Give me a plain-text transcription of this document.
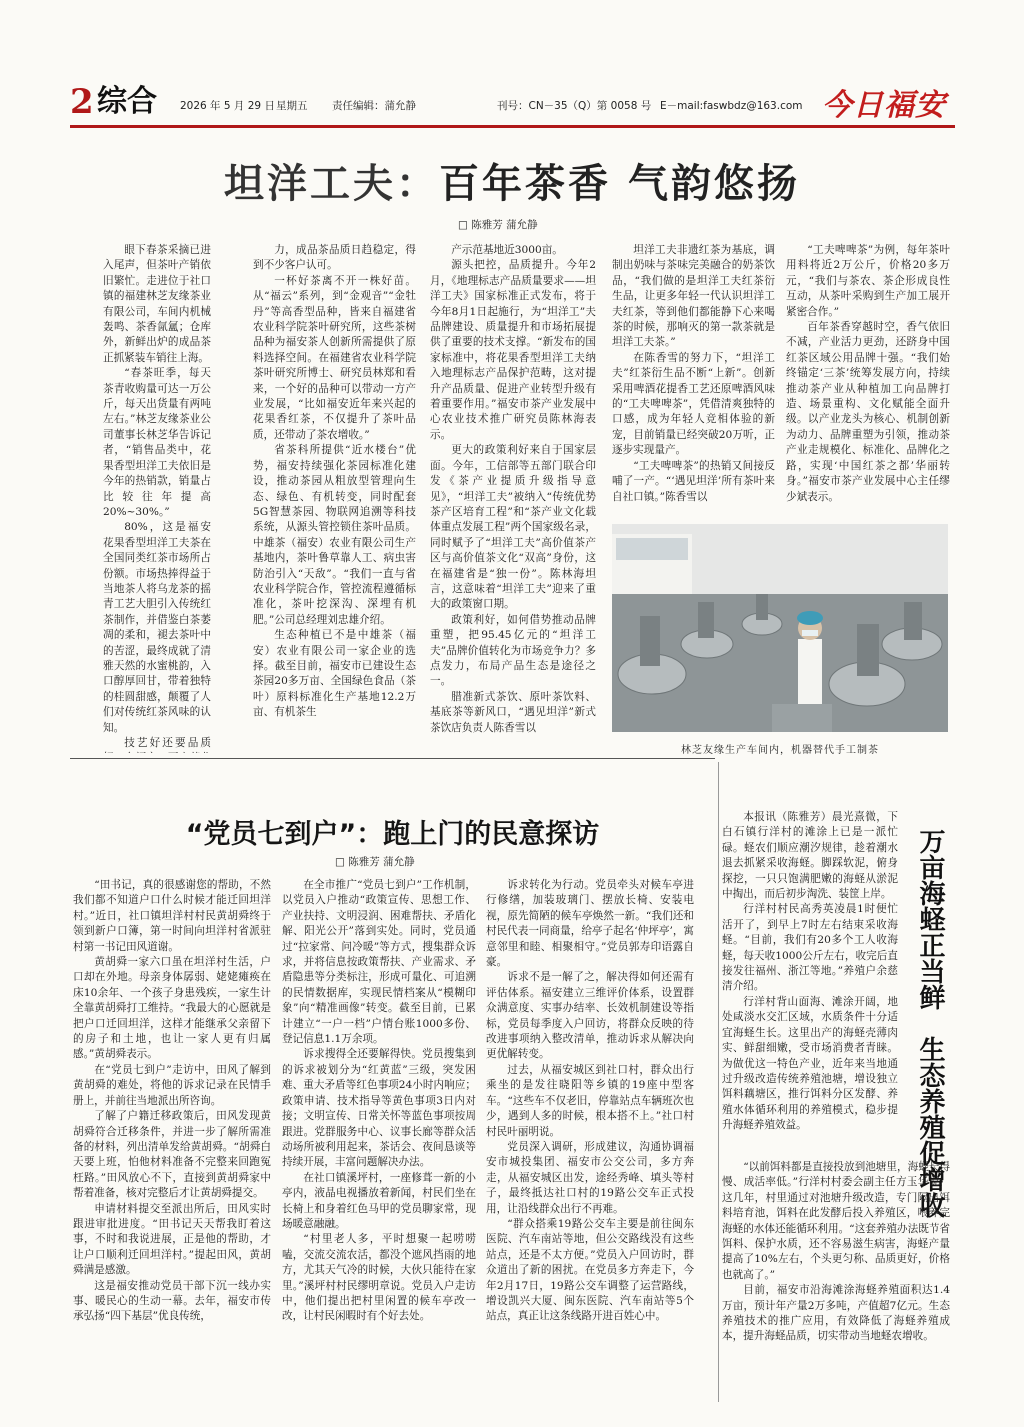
2 综合 2026 年 5 月 29 日 星期五 责任编辑：蒲允静	刊号：CN－35（Q）第 0058 号 E－mail:faswbdz@163.com 今日福安
坦洋工夫：百年茶香 气韵悠扬
□ 陈雅芳 蒲允静

眼下春茶采摘已进入尾声，但茶叶产销依旧繁忙。走进位于社口镇的福建林芝友缘茶业有限公司，车间内机械轰鸣、茶香氤氲；仓库外，新鲜出炉的成品茶正抓紧装车销往上海。

“春茶旺季，每天茶青收购量可达一万公斤，每天出货量有两吨左右。”林芝友缘茶业公司董事长林芝华告诉记者，“销售品类中，花果香型坦洋工夫依旧是今年的热销款，销量占比较往年提高20%~30%。”

80%，这是福安花果香型坦洋工夫茶在全国同类红茶市场所占份额。市场热捧得益于当地茶人将乌龙茶的摇青工艺大胆引入传统红茶制作，并借鉴白茶萎凋的柔和，褪去茶叶中的苦涩，最终成就了清雅天然的水蜜桃韵，入口醇厚回甘，带着独特的桂圆甜感，颠覆了人们对传统红茶风味的认知。

技艺好还要品质

力，成品茶品质日趋稳定，得到不少客户认可。

一杯好茶离不开一株好苗。从“福云”系列，到“金观音”“金牡丹”等高香型品种，皆来自福建省农业科学院茶叶研究所，这些茶树品种为福安茶人创新所需提供了原料选择空间。在福建省农业科学院茶叶研究所博士、研究员林郑和看来，一个好的品种可以带动一方产业发展，“比如福安近年来兴起的花果香红茶，不仅提升了茶叶品质，还带动了茶农增收。”

省茶科所提供“近水楼台”优势，福安持续强化茶园标准化建设，推动茶园从粗放型管理向生态、绿色、有机转变，同时配套5G智慧茶园、物联网追溯等科技系统，从源头管控锁住茶叶品质。中雄茶（福安）农业有限公司生产基地内，茶叶鲁草靠人工、病虫害防治引入“天敌”。“我们一直与省农业科学院合作，管控流程遵循标准化，茶叶挖深沟、深埋有机肥。”公司总经理刘忠雄介绍。

生态种植已不是中雄茶（福安）农业有限公司一家企业的选择。截至目前，福安市已建设生态茶园20多万亩、全国绿色食品（茶叶）原料标准化生产基地12.2万亩、有机茶生

产示范基地近3000亩。

源头把控，品质提升。今年2月，《地理标志产品质量要求——坦洋工夫》国家标准正式发布，将于今年8月1日起施行，为“坦洋工”夫品牌建设、质量提升和市场拓展提供了重要的技术支撑。“新发布的国家标准中，将花果香型坦洋工夫纳入地理标志产品保护范畴，这对提升产品质量、促进产业转型升级有着重要作用。”福安市茶产业发展中心农业技术推广研究员陈林海表示。

更大的政策利好来自于国家层面。今年，工信部等五部门联合印发《茶产业提质升级指导意见》，“坦洋工夫”被纳入“传统优势茶产区培育工程”和“茶产业文化载体重点发展工程”两个国家级名录，同时赋予了“坦洋工夫”高价值茶产区与高价值茶文化“双高”身份，这在福建省是“独一份”。陈林海坦言，这意味着“坦洋工夫”迎来了重大的政策窗口期。

政策利好，如何借势推动品牌重塑，把95.45亿元的“坦洋工夫”品牌价值转化为市场竞争力？多点发力，布局产品生态是途径之一。

腊准新式茶饮、原叶茶饮料、基底茶等新风口，“遇见坦洋”新式茶饮店负责人陈香雪以

坦洋工夫非遗红茶为基底，调制出奶味与茶味完美融合的奶茶饮品，“我们做的是坦洋工夫红茶衍生品，让更多年轻一代认识坦洋工夫红茶，等到他们都能静下心来喝茶的时候，那响灭的第一款茶就是坦洋工夫茶。”

在陈香雪的努力下，“坦洋工夫”红茶衍生品不断“上新”。创新采用啤酒花提香工艺还原啤酒风味的“工夫啤啤茶”，凭借清爽独特的口感，成为年轻人竞相体验的新宠，目前销量已经突破20万听，正逐步实现量产。

“工夫啤啤茶”的热销又间接反哺了一产。“‘遇见坦洋’所有茶叶来自社口镇。”陈香雪以

“工夫啤啤茶”为例，每年茶叶用料将近2万公斤，价格20多万元，“我们与茶农、茶企形成良性互动，从茶叶采购到生产加工展开紧密合作。”

百年茶香穿越时空，香气依旧不减，产业活力更劲，还跻身中国红茶区域公用品牌十强。“我们始终锚定‘三茶’统筹发展方向，持续推动茶产业从种植加工向品牌打造、场景重构、文化赋能全面升级。以产业龙头为核心、机制创新为动力、品牌重塑为引领，推动茶产业走规模化、标准化、品牌化之路，实现‘中国红茶之都’华丽转身。”福安市茶产业发展中心主任缪少斌表示。

林芝友缘生产车间内，机器替代手工制茶
“党员七到户”：跑上门的民意探访
□ 陈雅芳 蒲允静

“田书记，真的很感谢您的帮助，不然我们都不知道户口什么时候才能迁回坦洋村。”近日，社口镇坦洋村村民黄胡舜终于领到新户口簿，第一时间向坦洋村省派驻村第一书记田风道谢。

黄胡舜一家六口虽在坦洋村生活，户口却在外地。母亲身体孱弱、姥姥瘫痪在床10余年、一个孩子身患残疾，一家生计全靠黄胡舜打工维持。“我最大的心愿就是把户口迁回坦洋，这样才能继承父亲留下的房子和土地，也让一家人更有归属感。”黄胡舜表示。

在“党员七到户”走访中，田风了解到黄胡舜的难处，将他的诉求记录在民情手册上，并前往当地派出所咨询。

了解了户籍迁移政策后，田风发现黄胡舜符合迁移条件，并进一步了解所需准备的材料，列出清单发给黄胡舜。“胡舜白天要上班，怕他材料准备不完整来回跑冤枉路。”田风放心不下，直接到黄胡舜家中帮着准备，核对完整后才让黄胡舜提交。

申请材料提交至派出所后，田风实时跟进审批进度。“田书记天天帮我盯着这事，不时和我说进展，正是他的帮助，才让户口顺利迁回坦洋村。”提起田风，黄胡舜满是感激。

这是福安推动党员干部下沉一线办实事、暖民心的生动一幕。去年，福安市传承弘扬“四下基层”优良传统，

在全市推广“党员七到户”工作机制，以党员入户推动“政策宣传、思想工作、产业扶持、文明浸润、困难帮扶、矛盾化解、阳光公开”落到实处。同时，党员通过“拉家常、问冷暖”等方式，搜集群众诉求，并将信息按政策帮扶、产业需求、矛盾隐患等分类标注，形成可量化、可追溯的民情数据库，实现民情档案从“模糊印象”向“精准画像”转变。截至目前，已累计建立“一户一档”户情台账1000多份、登记信息1.1万余项。

诉求搜得全还要解得快。党员搜集到的诉求被划分为“红黄蓝”三级，突发困难、重大矛盾等红色事项24小时内响应；政策申请、技术指导等黄色事项3日内对接；文明宣传、日常关怀等蓝色事项按周跟进。党群服务中心、议事长廊等群众活动场所被利用起来，茶话会、夜间恳谈等持续开展，丰富问题解决办法。

在社口镇溪坪村，一座修葺一新的小亭内，液晶电视播放着新闻，村民们坐在长椅上和身着红色马甲的党员聊家常，现场暖意融融。

“村里老人多，平时想聚一起唠唠嗑，交流交流农活，都没个遮风挡雨的地方，尤其天气冷的时候，大伙只能待在家里。”溪坪村村民缪明章说。党员入户走访中，他们提出把村里闲置的候车亭改一改，让村民闲暇时有个好去处。

诉求转化为行动。党员牵头对候车亭进行修缮，加装玻璃门、摆放长椅、安装电视，原先简陋的候车亭焕然一新。“我们还和村民代表一同商量，给亭子起名‘仲坪亭’，寓意邻里和睦、相聚相守。”党员郭寿印语露自豪。

诉求不是一解了之，解决得如何还需有评估体系。福安建立三维评价体系，设置群众满意度、实事办结率、长效机制建设等指标，党员每季度入户回访，将群众反映的待改进事项纳入整改清单，推动诉求从解决向更优解转变。

过去，从福安城区到社口村，群众出行乘坐的是发往晓阳等乡镇的19座中型客车。“这些车不仅老旧，停靠站点车辆班次也少，遇到人多的时候，根本搭不上。”社口村村民叶丽明说。

党员深入调研，形成建议，沟通协调福安市城投集团、福安市公交公司，多方奔走，从福安城区出发，途经秀峰、填头等村子，最终抵达社口村的19路公交车正式投用，让沿线群众出行不再难。

“群众搭乘19路公交车主要是前往闽东医院、汽车南站等地，但公交路线没有这些站点，还是不太方便。”党员入户回访时，群众道出了新的困扰。在党员多方奔走下，今年2月17日，19路公交车调整了运营路线，增设凯兴大厦、闽东医院、汽车南站等5个站点，真正让这条线路开进百姓心中。

万亩海蛏正当鲜　生态养殖促增收

本报讯（陈雅芳）晨光熹微，下白石镇行洋村的滩涂上已是一派忙碌。蛏农们顺应潮汐规律，趁着潮水退去抓紧采收海蛏。脚踩软泥，俯身探挖，一只只饱满肥嫩的海蛏从淤泥中掏出，而后初步淘洗、装筐上岸。

行洋村村民高秀英凌晨1时便忙活开了，到早上7时左右结束采收海蛏。“目前，我们有20多个工人收海蛏，每天收1000公斤左右，收完后直接发往福州、浙江等地。”养殖户余慈清介绍。

行洋村背山面海、滩涂开阔，地处咸淡水交汇区域，水质条件十分适宜海蛏生长。这里出产的海蛏壳薄肉实、鲜甜细嫩，受市场消费者青睐。为做优这一特色产业，近年来当地通过升级改造传统养殖池塘，增设独立饵料藕塘区，推行饵料分区发酵、养殖水体循环利用的养殖模式，稳步提升海蛏养殖效益。

“以前饵料都是直接投放到池塘里，海蛏长得慢、成活率低。”行洋村村委会副主任方玉华说，这几年，村里通过对池塘升级改造，专门隔出饵料培育池，饵料在此发酵后投入养殖区，喂养完海蛏的水体还能循环利用。“这套养殖办法既节省饵料、保护水质，还不容易滋生病害，海蛏产量提高了10%左右，个头更匀称、品质更好，价格也就高了。”

目前，福安市沿海滩涂海蛏养殖面积达1.4万亩，预计年产量2万多吨，产值超7亿元。生态养殖技术的推广应用，有效降低了海蛏养殖成本，提升海蛏品质，切实带动当地蛏农增收。
